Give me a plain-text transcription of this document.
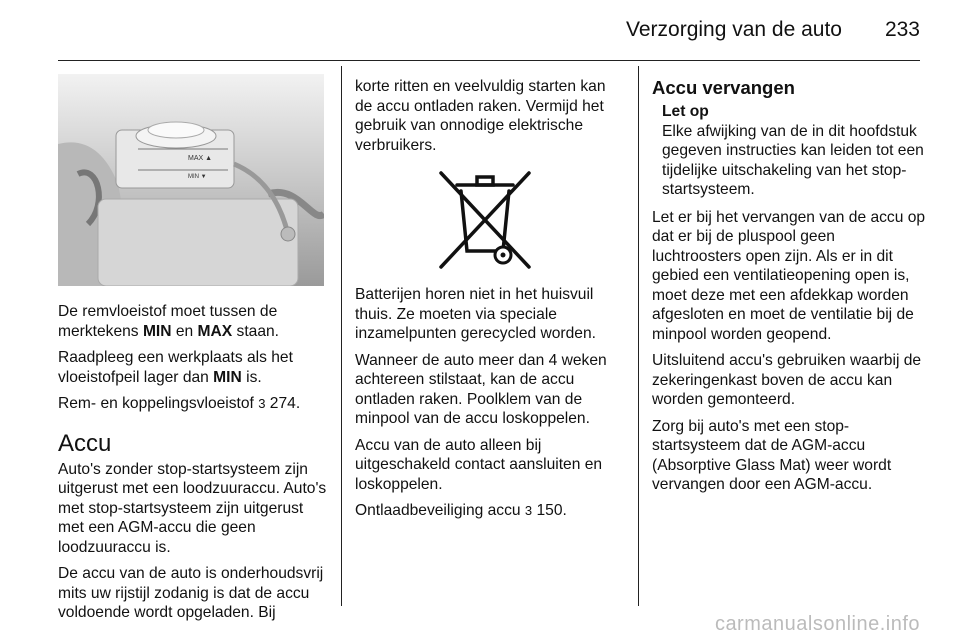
Verzorging van de auto 233
MAX ▲
MIN ▼

De remvloeistof moet tussen de merktekens MIN en MAX staan.

Raadpleeg een werkplaats als het vloeistofpeil lager dan MIN is.

Rem- en koppelingsvloeistof 3 274.

Accu

Auto's zonder stop-startsysteem zijn uitgerust met een loodzuuraccu. Auto's met stop-startsysteem zijn uitgerust met een AGM-accu die geen loodzuuraccu is.

De accu van de auto is onderhoudsvrij mits uw rijstijl zodanig is dat de accu voldoende wordt opgeladen. Bij

korte ritten en veelvuldig starten kan de accu ontladen raken. Vermijd het gebruik van onnodige elektrische verbruikers.

Batterijen horen niet in het huisvuil thuis. Ze moeten via speciale inzamelpunten gerecycled worden.

Wanneer de auto meer dan 4 weken achtereen stilstaat, kan de accu ontladen raken. Poolklem van de minpool van de accu loskoppelen.

Accu van de auto alleen bij uitgeschakeld contact aansluiten en loskoppelen.

Ontlaadbeveiliging accu 3 150.

Accu vervangen
Let op
Elke afwijking van de in dit hoofdstuk gegeven instructies kan leiden tot een tijdelijke uitschakeling van het stop- startsysteem.

Let er bij het vervangen van de accu op dat er bij de pluspool geen luchtroosters open zijn. Als er in dit gebied een ventilatieopening open is, moet deze met een afdekkap worden afgesloten en moet de ventilatie bij de minpool worden geopend.

Uitsluitend accu's gebruiken waarbij de zekeringenkast boven de accu kan worden gemonteerd.

Zorg bij auto's met een stop-startsysteem dat de AGM-accu (Absorptive Glass Mat) weer wordt vervangen door een AGM-accu.

carmanualsonline.info
